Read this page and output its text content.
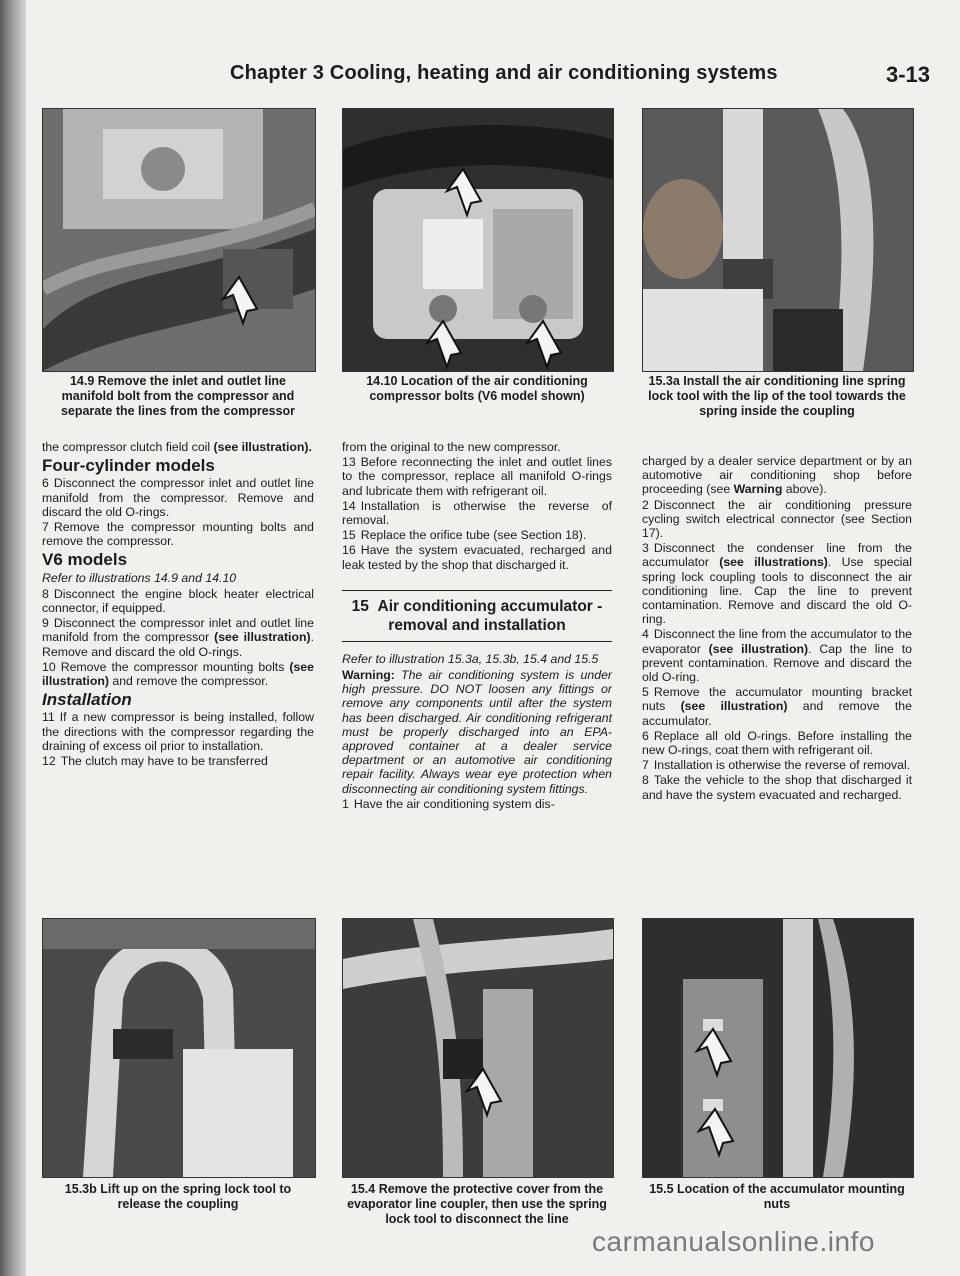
Chapter 3 Cooling, heating and air conditioning systems	3-13
14.9 Remove the inlet and outlet line manifold bolt from the compressor and separate the lines from the compressor
14.10 Location of the air conditioning compressor bolts (V6 model shown)
15.3a Install the air conditioning line spring lock tool with the lip of the tool towards the spring inside the coupling

the compressor clutch field coil (see illustration).

Four-cylinder models

6 Disconnect the compressor inlet and outlet line manifold from the compressor. Remove and discard the old O-rings.

7 Remove the compressor mounting bolts and remove the compressor.

V6 models

Refer to illustrations 14.9 and 14.10

8 Disconnect the engine block heater electrical connector, if equipped.

9 Disconnect the compressor inlet and outlet line manifold from the compressor (see illustration). Remove and discard the old O-rings.

10 Remove the compressor mounting bolts (see illustration) and remove the compressor.

Installation

11 If a new compressor is being installed, follow the directions with the compressor regarding the draining of excess oil prior to installation.

12 The clutch may have to be transferred

from the original to the new compressor.

13 Before reconnecting the inlet and outlet lines to the compressor, replace all manifold O-rings and lubricate them with refrigerant oil.

14 Installation is otherwise the reverse of removal.

15 Replace the orifice tube (see Section 18).

16 Have the system evacuated, recharged and leak tested by the shop that discharged it.

15 Air conditioning accumulator - removal and installation

Refer to illustration 15.3a, 15.3b, 15.4 and 15.5

Warning: The air conditioning system is under high pressure. DO NOT loosen any fittings or remove any components until after the system has been discharged. Air conditioning refrigerant must be properly discharged into an EPA-approved container at a dealer service department or an automotive air conditioning repair facility. Always wear eye protection when disconnecting air conditioning system fittings.

1 Have the air conditioning system dis-

charged by a dealer service department or by an automotive air conditioning shop before proceeding (see Warning above).

2 Disconnect the air conditioning pressure cycling switch electrical connector (see Section 17).

3 Disconnect the condenser line from the accumulator (see illustrations). Use special spring lock coupling tools to disconnect the air conditioning line. Cap the line to prevent contamination. Remove and discard the old O-ring.

4 Disconnect the line from the accumulator to the evaporator (see illustration). Cap the line to prevent contamination. Remove and discard the old O-ring.

5 Remove the accumulator mounting bracket nuts (see illustration) and remove the accumulator.

6 Replace all old O-rings. Before installing the new O-rings, coat them with refrigerant oil.

7 Installation is otherwise the reverse of removal.

8 Take the vehicle to the shop that discharged it and have the system evacuated and recharged.

15.3b Lift up on the spring lock tool to release the coupling
15.4 Remove the protective cover from the evaporator line coupler, then use the spring lock tool to disconnect the line
15.5 Location of the accumulator mounting nuts
carmanualsonline.info
